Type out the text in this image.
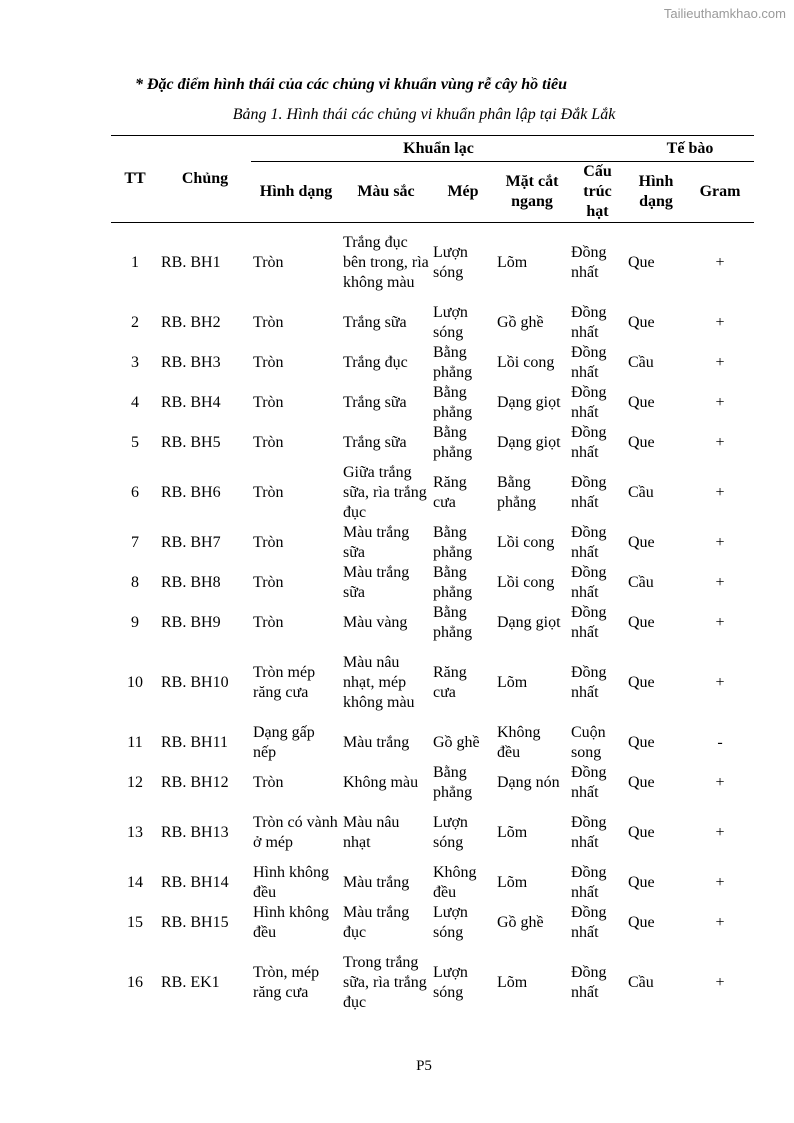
Tailieuthamkhao.com
* Đặc điểm hình thái của các chủng vi khuẩn vùng rễ cây hồ tiêu
Bảng 1. Hình thái các chủng vi khuẩn phân lập tại Đắk Lắk
TT	Chủng	Khuẩn lạc					Tế bào	
		Hình dạng	Màu sắc	Mép	Mặt cắt ngang	Cấu trúc hạt	Hình dạng	Gram

1	RB. BH1	Tròn	Trắng đục bên trong, rìa không màu	Lượn sóng	Lõm	Đồng nhất	Que	+
2	RB. BH2	Tròn	Trắng sữa	Lượn sóng	Gồ ghề	Đồng nhất	Que	+
3	RB. BH3	Tròn	Trắng đục	Bằng phẳng	Lồi cong	Đồng nhất	Cầu	+
4	RB. BH4	Tròn	Trắng sữa	Bằng phẳng	Dạng giọt	Đồng nhất	Que	+
5	RB. BH5	Tròn	Trắng sữa	Bằng phẳng	Dạng giọt	Đồng nhất	Que	+
6	RB. BH6	Tròn	Giữa trắng sữa, rìa trắng đục	Răng cưa	Bằng phẳng	Đồng nhất	Cầu	+
7	RB. BH7	Tròn	Màu trắng sữa	Bằng phẳng	Lồi cong	Đồng nhất	Que	+
8	RB. BH8	Tròn	Màu trắng sữa	Bằng phẳng	Lồi cong	Đồng nhất	Cầu	+
9	RB. BH9	Tròn	Màu vàng	Bằng phẳng	Dạng giọt	Đồng nhất	Que	+
10	RB. BH10	Tròn mép răng cưa	Màu nâu nhạt, mép không màu	Răng cưa	Lõm	Đồng nhất	Que	+
11	RB. BH11	Dạng gấp nếp	Màu trắng	Gồ ghề	Không đều	Cuộn song	Que	-
12	RB. BH12	Tròn	Không màu	Bằng phẳng	Dạng nón	Đồng nhất	Que	+
13	RB. BH13	Tròn có vành ở mép	Màu nâu nhạt	Lượn sóng	Lõm	Đồng nhất	Que	+
14	RB. BH14	Hình không đều	Màu trắng	Không đều	Lõm	Đồng nhất	Que	+
15	RB. BH15	Hình không đều	Màu trắng đục	Lượn sóng	Gồ ghề	Đồng nhất	Que	+
16	RB. EK1	Tròn, mép răng cưa	Trong trắng sữa, rìa trắng đục	Lượn sóng	Lõm	Đồng nhất	Cầu	+
P5
